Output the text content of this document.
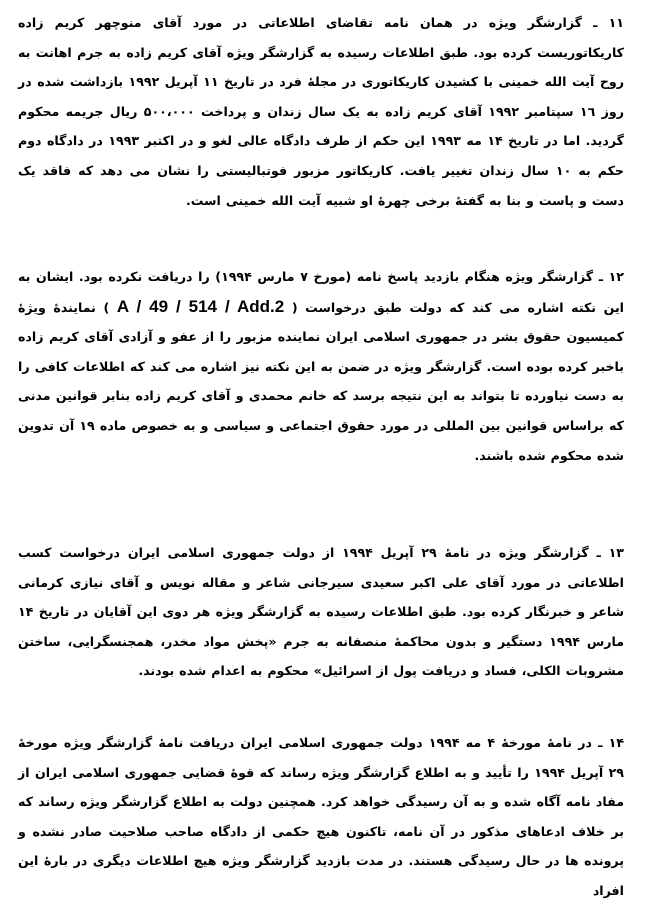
۱۱ ـ گزارشگر ویژه در همان نامه تقاضای اطلاعاتی در مورد آقای منوچهر کریم زاده کاریکاتوریست کرده بود. طبق اطلاعات رسیده به گزارشگر ویژه آقای کریم زاده به جرم اهانت به روح آیت الله خمینی با کشیدن کاریکاتوری در مجلهٔ فرد در تاریخ ۱۱ آپریل ۱۹۹۲ بازداشت شده در روز ۱٦ سپتامبر ۱۹۹۲ آقای کریم زاده به یک سال زندان و پرداخت ۵۰۰،۰۰۰ ریال جریمه محکوم گردید. اما در تاریخ ۱۴ مه ۱۹۹۳ این حکم از طرف دادگاه عالی لغو و در اکتبر ۱۹۹۳ در دادگاه دوم حکم به ۱۰ سال زندان تغییر یافت. کاریکاتور مزبور فوتبالیستی را نشان می دهد که فاقد یک دست و پاست و بنا به گفتهٔ برخی چهرهٔ او شبیه آیت الله خمینی است.

۱۲ ـ گزارشگر ویژه هنگام بازدید پاسخ نامه (مورخ ۷ مارس ۱۹۹۴) را دریافت نکرده بود. ایشان به این نکته اشاره می کند که دولت طبق درخواست ( A / 49 / 514 / Add.2 ) نمایندهٔ ویژهٔ کمیسیون حقوق بشر در جمهوری اسلامی ایران نماینده مزبور را از عفو و آزادی آقای کریم زاده باخبر کرده بوده است. گزارشگر ویژه در ضمن به این نکته نیز اشاره می کند که اطلاعات کافی را به دست نیاورده تا بتواند به این نتیجه برسد که خانم محمدی و آقای کریم زاده بنابر قوانین مدنی که براساس قوانین بین المللی در مورد حقوق اجتماعی و سیاسی و به خصوص ماده ۱۹ آن تدوین شده محکوم شده باشند.

۱۳ ـ گزارشگر ویژه در نامهٔ ۲۹ آپریل ۱۹۹۴ از دولت جمهوری اسلامی ایران درخواست کسب اطلاعاتی در مورد آقای علی اکبر سعیدی سیرجانی شاعر و مقاله نویس و آقای نیازی کرمانی شاعر و خبرنگار کرده بود. طبق اطلاعات رسیده به گزارشگر ویژه هر دوی این آقایان در تاریخ ۱۴ مارس ۱۹۹۴ دستگیر و بدون محاکمهٔ منصفانه به جرم «پخش مواد مخدر، همجنسگرایی، ساختن مشروبات الکلی، فساد و دریافت پول از اسرائیل» محکوم به اعدام شده بودند.

۱۴ ـ در نامهٔ مورخهٔ ۴ مه ۱۹۹۴ دولت جمهوری اسلامی ایران دریافت نامهٔ گزارشگر ویژه مورخهٔ ۲۹ آپریل ۱۹۹۴ را تأیید و به اطلاع گزارشگر ویژه رساند که قوهٔ قضایی جمهوری اسلامی ایران از مفاد نامه آگاه شده و به آن رسیدگی خواهد کرد. همچنین دولت به اطلاع گزارشگر ویژه رساند که بر خلاف ادعاهای مذکور در آن نامه، تاکنون هیچ حکمی از دادگاه صاحب صلاحیت صادر نشده و پرونده ها در حال رسیدگی هستند. در مدت بازدید گزارشگر ویژه هیچ اطلاعات دیگری در بارهٔ این افراد
